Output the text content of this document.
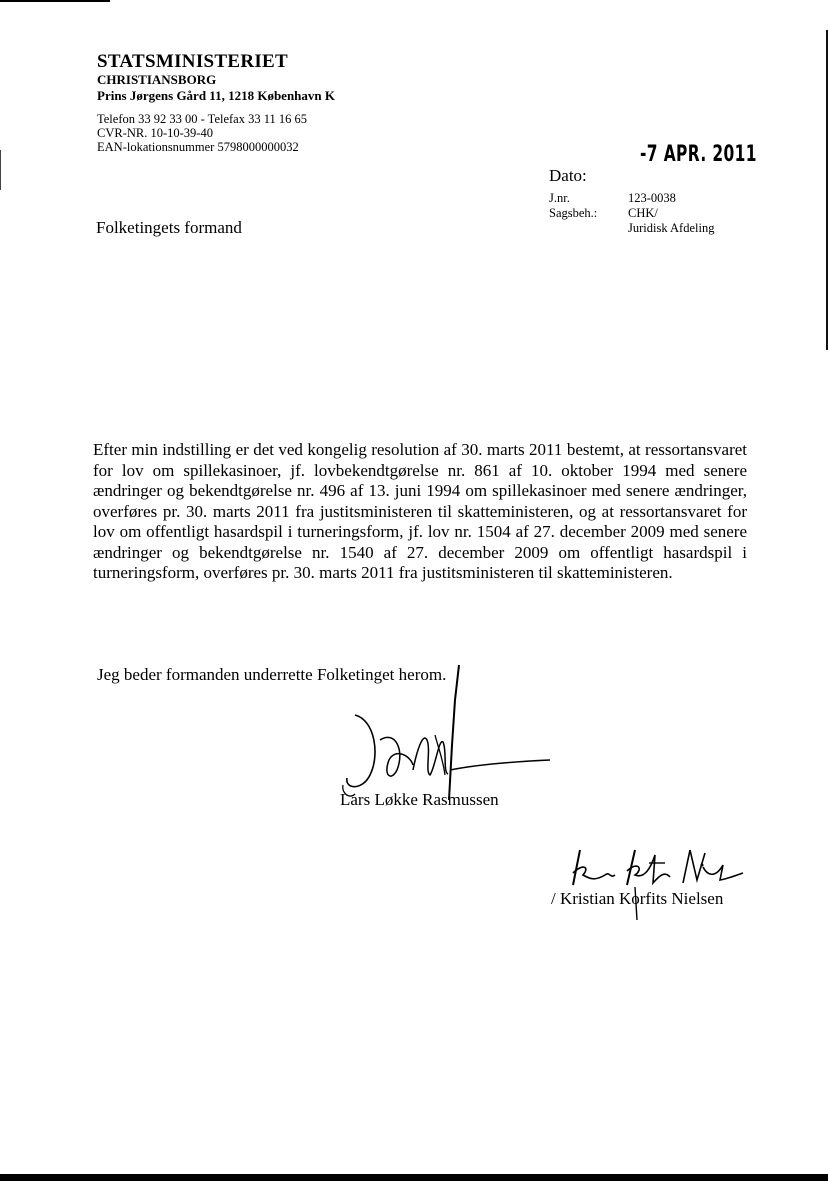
STATSMINISTERIET
CHRISTIANSBORG
Prins Jørgens Gård 11, 1218 København K
Telefon 33 92 33 00 - Telefax 33 11 16 65
CVR-NR. 10-10-39-40
EAN-lokationsnummer 5798000000032	-7 APR. 2011
Dato:
J.nr.	123-0038
Sagsbeh.:	CHK/
Juridisk Afdeling
Folketingets formand
Efter min indstilling er det ved kongelig resolution af 30. marts 2011 bestemt, at ressortansvaret for lov om spillekasinoer, jf. lovbekendtgørelse nr. 861 af 10. oktober 1994 med senere ændringer og bekendtgørelse nr. 496 af 13. juni 1994 om spillekasinoer med senere ændringer, overføres pr. 30. marts 2011 fra justitsministeren til skatteministeren, og at ressortansvaret for lov om offentligt hasardspil i turneringsform, jf. lov nr. 1504 af 27. december 2009 med senere ændringer og bekendtgørelse nr. 1540 af 27. december 2009 om offentligt hasardspil i turneringsform, overføres pr. 30. marts 2011 fra justitsministeren til skatteministeren.
Jeg beder formanden underrette Folketinget herom.
Lars Løkke Rasmussen
/ Kristian Korfits Nielsen
